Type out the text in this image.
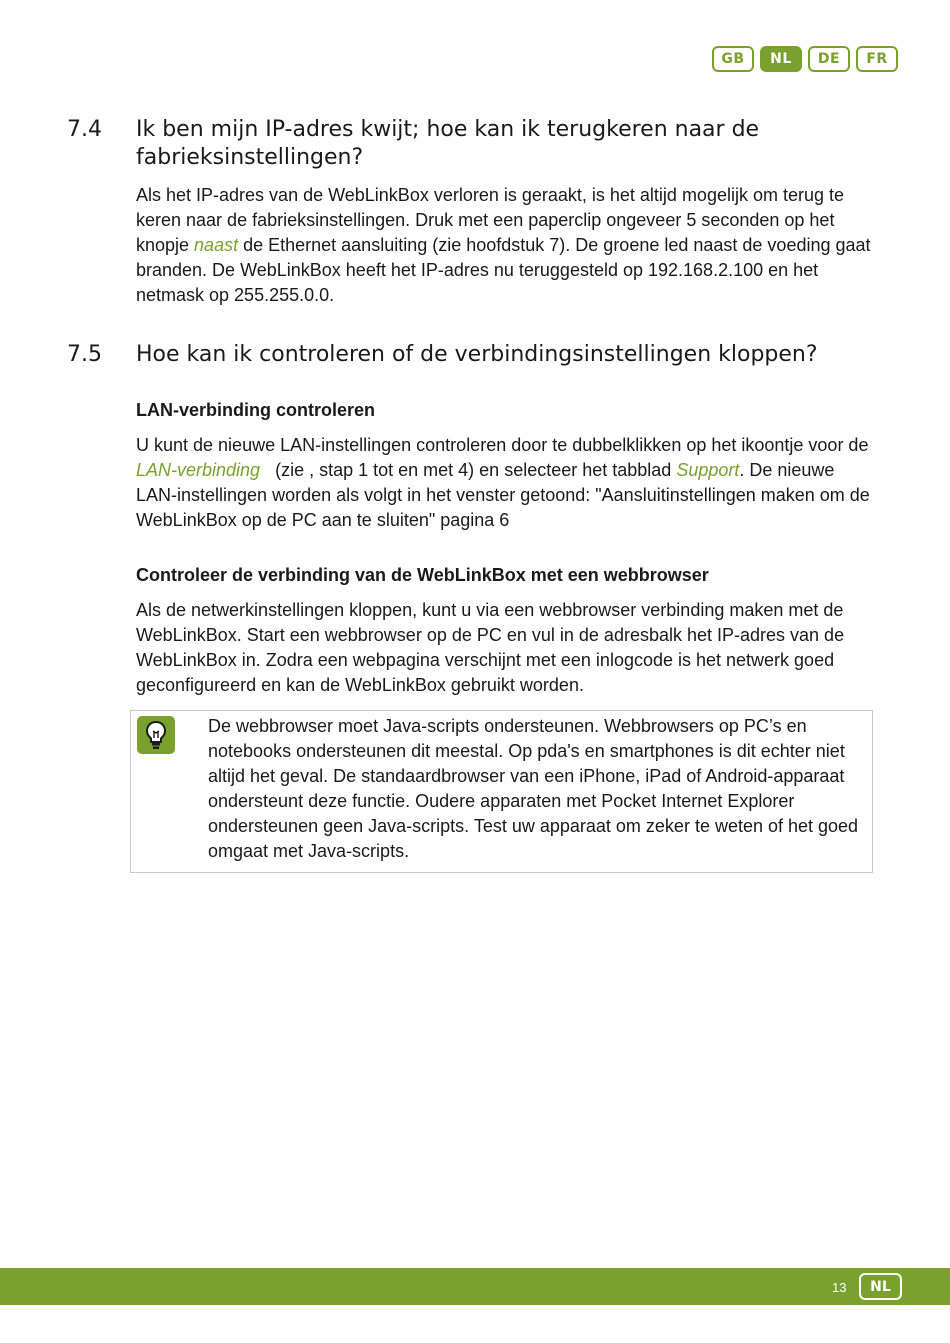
GB	NL	DE	FR
7.4 Ik ben mijn IP-adres kwijt; hoe kan ik terugkeren naar de fabrieksinstellingen?

Als het IP-adres van de WebLinkBox verloren is geraakt, is het altijd mogelijk om terug te keren naar de fabrieksinstellingen. Druk met een paperclip ongeveer 5 seconden op het knopje naast de Ethernet aansluiting (zie hoofdstuk 7). De groene led naast de voeding gaat branden. De WebLinkBox heeft het IP-adres nu teruggesteld op 192.168.2.100 en het netmask op 255.255.0.0.

7.5 Hoe kan ik controleren of de verbindingsinstellingen kloppen?
LAN-verbinding controleren

U kunt de nieuwe LAN-instellingen controleren door te dubbelklikken op het ikoontje voor de LAN-verbinding   (zie , stap 1 tot en met 4) en selecteer het tabblad Support. De nieuwe LAN-instellingen worden als volgt in het venster getoond: "Aansluitinstellingen maken om de WebLinkBox op de PC aan te sluiten" pagina 6

Controleer de verbinding van de WebLinkBox met een webbrowser

Als de netwerkinstellingen kloppen, kunt u via een webbrowser verbinding maken met de WebLinkBox. Start een webbrowser op de PC en vul in de adresbalk het IP-adres van de WebLinkBox in. Zodra een webpagina verschijnt met een inlogcode is het netwerk goed geconfigureerd en kan de WebLinkBox gebruikt worden.

De webbrowser moet Java-scripts ondersteunen. Webbrowsers op PC’s en notebooks ondersteunen dit meestal. Op pda's en smartphones is dit echter niet altijd het geval. De standaardbrowser van een iPhone, iPad of Android-apparaat ondersteunt deze functie. Oudere apparaten met Pocket Internet Explorer ondersteunen geen Java-scripts. Test uw apparaat om zeker te weten of het goed omgaat met Java-scripts.

13	NL
